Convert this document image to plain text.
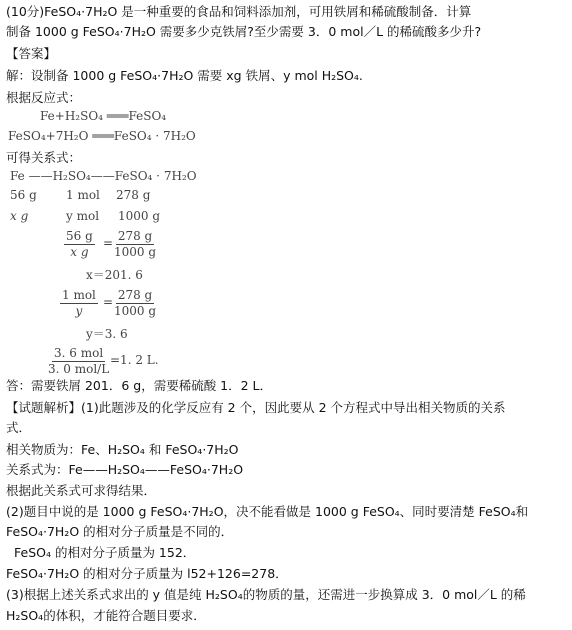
(10分)FeSO₄·7H₂O 是一种重要的食品和饲料添加剂，可用铁屑和稀硫酸制备．计算
制备 1000 g FeSO₄·7H₂O 需要多少克铁屑?至少需要 3．0 mol／L 的稀硫酸多少升?
【答案】
解：设制备 1000 g FeSO₄·7H₂O 需要 xg 铁屑、y mol H₂SO₄.
根据反应式：
Fe+H₂SO₄ ═══FeSO₄
FeSO₄+7H₂O ═══FeSO₄ · 7H₂O
可得关系式：
Fe ——H₂SO₄——FeSO₄ · 7H₂O
56 g 1 mol 278 g
x g	y mol 1000 g
$\frac{56 g}{\text{x g}}$ =
$\frac{278 g}{1000 g}$
x＝201. 6
1 mol
y
=
$\frac{278 g}{1000 g}$
y＝3. 6
3. 6 mol
3. 0 mol/L
=1. 2 L.
答：需要铁屑 201．6 g，需要稀硫酸 1．2 L．
【试题解析】(1)此题涉及的化学反应有 2 个，因此要从 2 个方程式中导出相关物质的关系
式．
相关物质为：Fe、H₂SO₄ 和 FeSO₄·7H₂O
关系式为：Fe——H₂SO₄——FeSO₄·7H₂O
根据此关系式可求得结果．
(2)题目中说的是 1000 g FeSO₄·7H₂O，决不能看做是 1000 g FeSO₄、同时要清楚 FeSO₄和
FeSO₄·7H₂O 的相对分子质量是不同的．
FeSO₄ 的相对分子质量为 152．
FeSO₄·7H₂O 的相对分子质量为 l52+126=278．
(3)根据上述关系式求出的 y 值是纯 H₂SO₄的物质的量，还需进一步换算成 3．0 mol／L 的稀
H₂SO₄的体积，才能符合题目要求．
